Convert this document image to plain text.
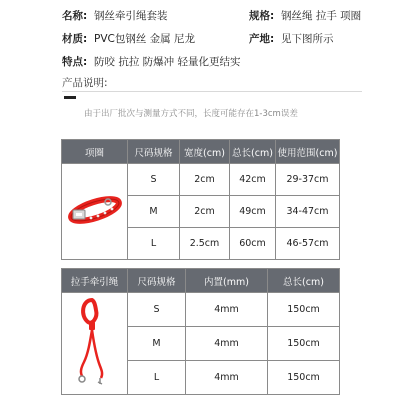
名称: 钢丝牵引绳套装	规格: 钢丝绳 拉手 项圈
材质: PVC包钢丝 金属 尼龙	产地: 见下图所示
特点: 防咬 抗拉 防爆冲 轻量化更结实
产品说明:
由于出厂批次与测量方式不同，长度可能存在1-3cm误差
项圈	尺码规格	宽度(cm)	总长(cm)	使用范围(cm)
	S	2cm	42cm	29-37cm
	M	2cm	49cm	34-47cm
	L	2.5cm	60cm	46-57cm
拉手牵引绳	尺码规格	内置(mm)	总长(cm)
	S	4mm	150cm
	M	4mm	150cm
	L	4mm	150cm
